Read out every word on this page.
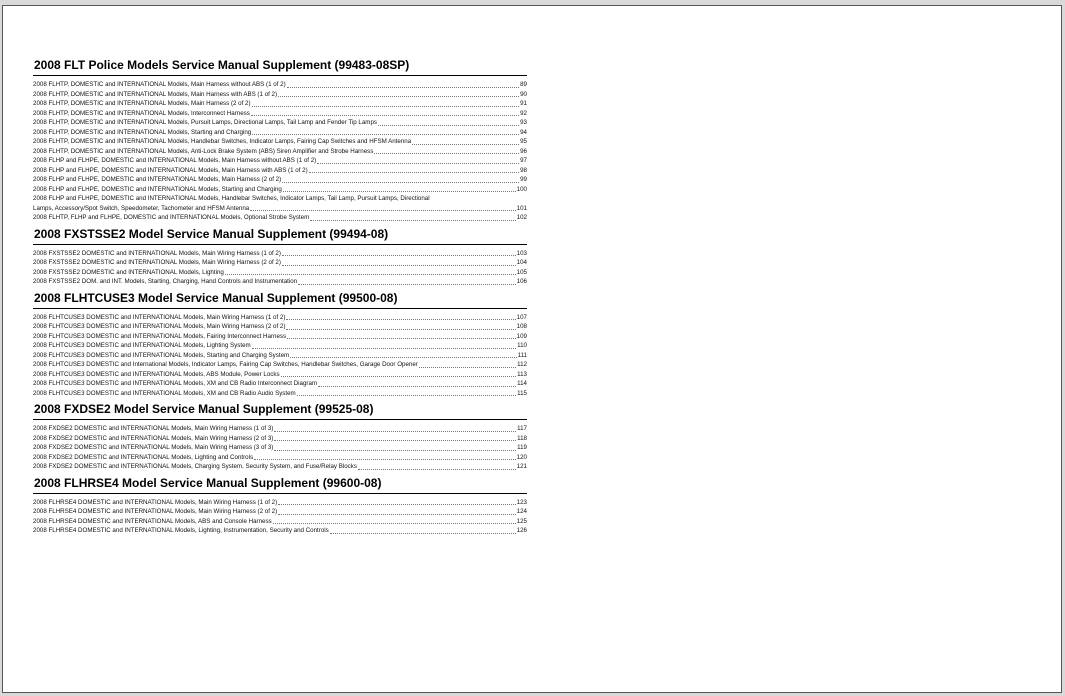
2008 FLT Police Models Service Manual Supplement (99483-08SP)
2008 FLHTP, DOMESTIC and INTERNATIONAL Models, Main Harness without ABS (1 of 2)	89
2008 FLHTP, DOMESTIC and INTERNATIONAL Models, Main Harness with ABS (1 of 2)	90
2008 FLHTP, DOMESTIC and INTERNATIONAL Models, Main Harness (2 of 2)	91
2008 FLHTP, DOMESTIC and INTERNATIONAL Models, Interconnect Harness	92
2008 FLHTP, DOMESTIC and INTERNATIONAL Models, Pursuit Lamps, Directional Lamps, Tail Lamp and Fender Tip Lamps	93
2008 FLHTP, DOMESTIC and INTERNATIONAL Models, Starting and Charging	94
2008 FLHTP, DOMESTIC and INTERNATIONAL Models, Handlebar Switches, Indicator Lamps, Fairing Cap Switches and HFSM Antenna	95
2008 FLHTP, DOMESTIC and INTERNATIONAL Models, Anti-Lock Brake System (ABS) Siren Amplifier and Strobe Harness	96
2008 FLHP and FLHPE, DOMESTIC and INTERNATIONAL Models, Main Harness without ABS (1 of 2)	97
2008 FLHP and FLHPE, DOMESTIC and INTERNATIONAL Models, Main Harness with ABS (1 of 2)	98
2008 FLHP and FLHPE, DOMESTIC and INTERNATIONAL Models, Main Harness (2 of 2)	99
2008 FLHP and FLHPE, DOMESTIC and INTERNATIONAL Models, Starting and Charging	100
2008 FLHP and FLHPE, DOMESTIC and INTERNATIONAL Models, Handlebar Switches, Indicator Lamps, Tail Lamp, Pursuit Lamps, Directional
Lamps, Accessory/Spot Switch, Speedometer, Tachometer and HFSM Antenna	101
2008 FLHTP, FLHP and FLHPE, DOMESTIC and INTERNATIONAL Models, Optional Strobe System	102
2008 FXSTSSE2 Model Service Manual Supplement (99494-08)
2008 FXSTSSE2 DOMESTIC and INTERNATIONAL Models, Main Wiring Harness (1 of 2)	103
2008 FXSTSSE2 DOMESTIC and INTERNATIONAL Models, Main Wiring Harness (2 of 2)	104
2008 FXSTSSE2 DOMESTIC and INTERNATIONAL Models, Lighting	105
2008 FXSTSSE2 DOM. and INT. Models, Starting, Charging, Hand Controls and Instrumentation	106
2008 FLHTCUSE3 Model Service Manual Supplement (99500-08)
2008 FLHTCUSE3 DOMESTIC and INTERNATIONAL Models, Main Wiring Harness (1 of 2)	107
2008 FLHTCUSE3 DOMESTIC and INTERNATIONAL Models, Main Wiring Harness (2 of 2)	108
2008 FLHTCUSE3 DOMESTIC and INTERNATIONAL Models, Fairing Interconnect Harness	109
2008 FLHTCUSE3 DOMESTIC and INTERNATIONAL Models, Lighting System	110
2008 FLHTCUSE3 DOMESTIC and INTERNATIONAL Models, Starting and Charging System	111
2008 FLHTCUSE3 DOMESTIC and International Models, Indicator Lamps, Fairing Cap Switches, Handlebar Switches, Garage Door Opener	112
2008 FLHTCUSE3 DOMESTIC and INTERNATIONAL Models, ABS Module, Power Locks	113
2008 FLHTCUSE3 DOMESTIC and INTERNATIONAL Models, XM and CB Radio Interconnect Diagram	114
2008 FLHTCUSE3 DOMESTIC and INTERNATIONAL Models, XM and CB Radio Audio System	115
2008 FXDSE2 Model Service Manual Supplement (99525-08)
2008 FXDSE2 DOMESTIC and INTERNATIONAL Models, Main Wiring Harness (1 of 3)	117
2008 FXDSE2 DOMESTIC and INTERNATIONAL Models, Main Wiring Harness (2 of 3)	118
2008 FXDSE2 DOMESTIC and INTERNATIONAL Models, Main Wiring Harness (3 of 3)	119
2008 FXDSE2 DOMESTIC and INTERNATIONAL Models, Lighting and Controls	120
2008 FXDSE2 DOMESTIC and INTERNATIONAL Models, Charging System, Security System, and Fuse/Relay Blocks	121
2008 FLHRSE4 Model Service Manual Supplement (99600-08)
2008 FLHRSE4 DOMESTIC and INTERNATIONAL Models, Main Wiring Harness (1 of 2)	123
2008 FLHRSE4 DOMESTIC and INTERNATIONAL Models, Main Wiring Harness (2 of 2)	124
2008 FLHRSE4 DOMESTIC and INTERNATIONAL Models, ABS and Console Harness	125
2008 FLHRSE4 DOMESTIC and INTERNATIONAL Models, Lighting, Instrumentation, Security and Controls	126
